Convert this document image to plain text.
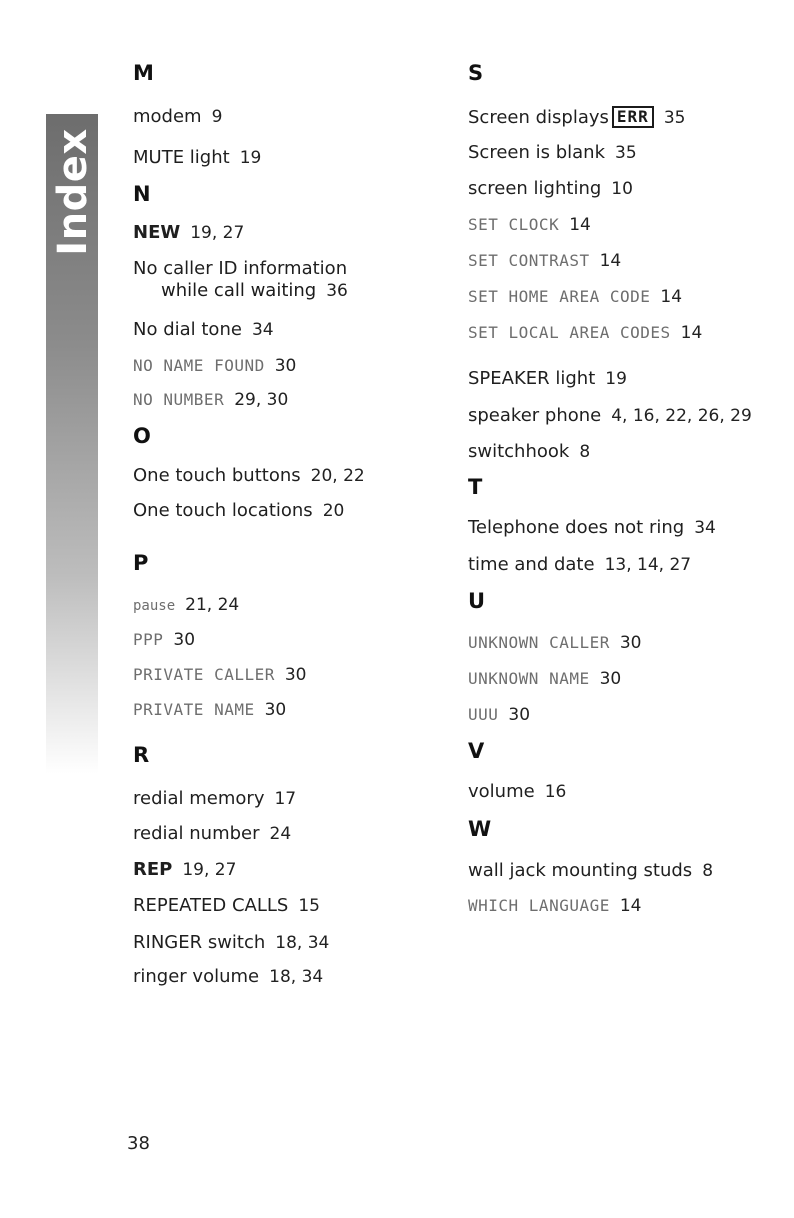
Index
M
modem 9
MUTE light 19
N
NEW 19, 27
No caller ID information
while call waiting 36
No dial tone 34
NO NAME FOUND 30
NO NUMBER 29, 30
O
One touch buttons 20, 22
One touch locations 20
P
pause 21, 24
PPP 30
PRIVATE CALLER 30
PRIVATE NAME 30
R
redial memory 17
redial number 24
REP 19, 27
REPEATED CALLS 15
RINGER switch 18, 34
ringer volume 18, 34
S
Screen displays ERR 35
Screen is blank 35
screen lighting 10
SET CLOCK 14
SET CONTRAST 14
SET HOME AREA CODE 14
SET LOCAL AREA CODES 14
SPEAKER light 19
speaker phone 4, 16, 22, 26, 29
switchhook 8
T
Telephone does not ring 34
time and date 13, 14, 27
U
UNKNOWN CALLER 30
UNKNOWN NAME 30
UUU 30
V
volume 16
W
wall jack mounting studs 8
WHICH LANGUAGE 14
38
